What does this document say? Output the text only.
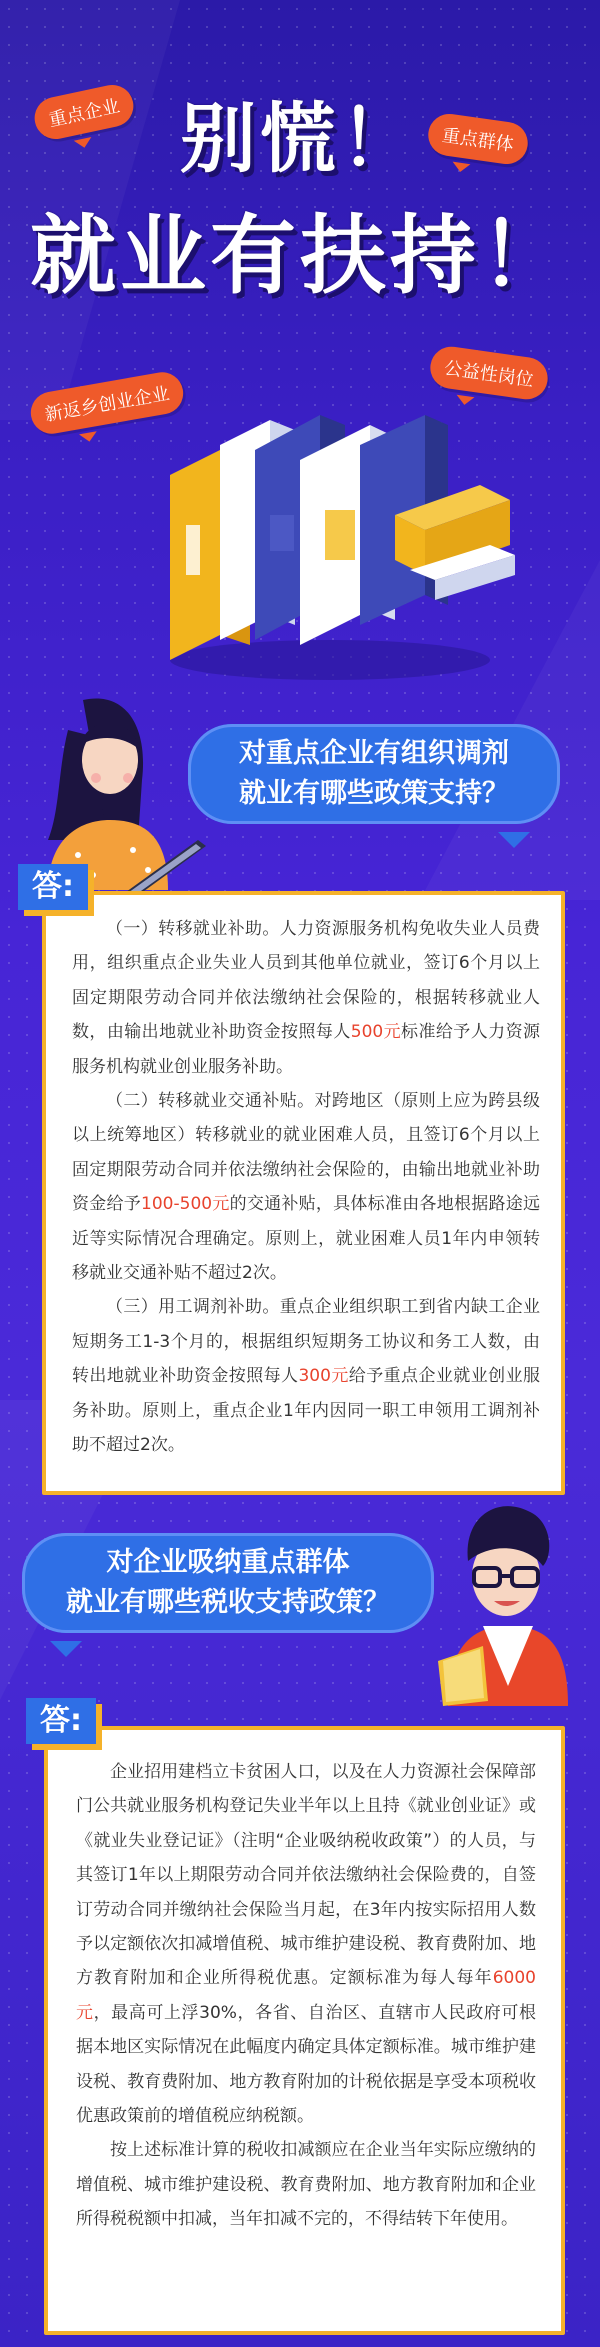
别慌！
就业有扶持！
重点企业
重点群体
新返乡创业企业
公益性岗位
对重点企业有组织调剂
就业有哪些政策支持？
答:

（一）转移就业补助。人力资源服务机构免收失业人员费用，组织重点企业失业人员到其他单位就业，签订6个月以上固定期限劳动合同并依法缴纳社会保险的，根据转移就业人数，由输出地就业补助资金按照每人500元标准给予人力资源服务机构就业创业服务补助。

（二）转移就业交通补贴。对跨地区（原则上应为跨县级以上统筹地区）转移就业的就业困难人员，且签订6个月以上固定期限劳动合同并依法缴纳社会保险的，由输出地就业补助资金给予100-500元的交通补贴，具体标准由各地根据路途远近等实际情况合理确定。原则上，就业困难人员1年内申领转移就业交通补贴不超过2次。

（三）用工调剂补助。重点企业组织职工到省内缺工企业短期务工1-3个月的，根据组织短期务工协议和务工人数，由转出地就业补助资金按照每人300元给予重点企业就业创业服务补助。原则上，重点企业1年内因同一职工申领用工调剂补助不超过2次。

对企业吸纳重点群体
就业有哪些税收支持政策？
答:

企业招用建档立卡贫困人口，以及在人力资源社会保障部门公共就业服务机构登记失业半年以上且持《就业创业证》或《就业失业登记证》（注明“企业吸纳税收政策”）的人员，与其签订1年以上期限劳动合同并依法缴纳社会保险费的，自签订劳动合同并缴纳社会保险当月起，在3年内按实际招用人数予以定额依次扣减增值税、城市维护建设税、教育费附加、地方教育附加和企业所得税优惠。定额标准为每人每年6000元，最高可上浮30%，各省、自治区、直辖市人民政府可根据本地区实际情况在此幅度内确定具体定额标准。城市维护建设税、教育费附加、地方教育附加的计税依据是享受本项税收优惠政策前的增值税应纳税额。

按上述标准计算的税收扣减额应在企业当年实际应缴纳的增值税、城市维护建设税、教育费附加、地方教育附加和企业所得税税额中扣减，当年扣减不完的，不得结转下年使用。
